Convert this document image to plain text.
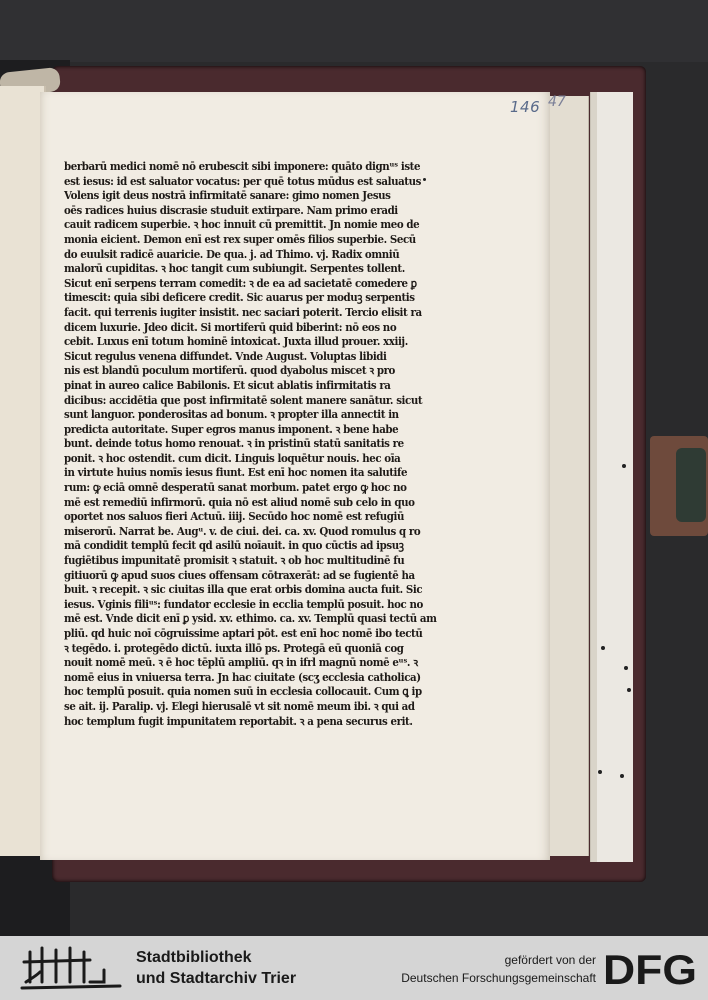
146 47
berbarū medici nomē nō erubescit sibi imponere: quāto dignᵘˢ iste
est iesus: id est saluator vocatus: per quē totus mūdus est saluatus
Volens igit deus nostrā infirmitatē sanare: gimo nomen Jesus
oēs radices huius discrasie studuit extirpare. Nam primo eradi
cauit radicem superbie. ꝛ hoc innuit cū premittit. Jn nomie meo de
monia eicient. Demon enī est rex super omēs filios superbie. Secū
do euulsit radicē auaricie. De qua. j. ad Thimo. vj. Radix omniū
malorū cupiditas. ꝛ hoc tangit cum subiungit. Serpentes tollent.
Sicut enī serpens terram comedit: ꝛ de ea ad sacietatē comedere ꝑ
timescit: quia sibi deficere credit. Sic auarus per moduꝫ serpentis
facit. qui terrenis iugiter insistit. nec saciari poterit. Tercio elisit ra
dicem luxurie. Jdeo dicit. Si mortiferū quid biberint: nō eos no
cebit. Luxus enī totum hominē intoxicat. Juxta illud prouer. xxiij.
Sicut regulus venena diffundet. Vnde August. Voluptas libidi
nis est blandū poculum mortiferū. quod dyabolus miscet ꝛ pro
pinat in aureo calice Babilonis. Et sicut ablatis infirmitatis ra
dicibus: accidētia que post infirmitatē solent manere sanātur. sicut
sunt languor. ponderositas ad bonum. ꝛ propter illa annectit in
predicta autoritate. Super egros manus imponent. ꝛ bene habe
bunt. deinde totus homo renouat. ꝛ in pristinū statū sanitatis re
ponit. ꝛ hoc ostendit. cum dicit. Linguis loquētur nouis. hec oīa
in virtute huius nomīs iesus fiunt. Est enī hoc nomen ita salutife
rum: ꝙ eciā omnē desperatū sanat morbum. patet ergo ꝙ hoc no
mē est remediū infirmorū. quia nō est aliud nomē sub celo in quo
oportet nos saluos fieri Actuū. iiij. Secūdo hoc nomē est refugiū
miserorū. Narrat be. Augᵘ. v. de ciui. dei. ca. xv. Quod romulus q ro
mā condidit templū fecit qd asilū noīauit. in quo cūctis ad ipsuꝫ
fugiētibus impunitatē promisit ꝛ statuit. ꝛ ob hoc multitudinē fu
gitiuorū ꝙ apud suos ciues offensam cōtraxerāt: ad se fugientē ha
buit. ꝛ recepit. ꝛ sic ciuitas illa que erat orbis domina aucta fuit. Sic
iesus. Vginis filiᵘˢ: fundator ecclesie in ecclia templū posuit. hoc no
mē est. Vnde dicit enī ꝑ ysid. xv. ethimo. ca. xv. Templū quasi tectū am
pliū. qd huic noī cōgruissime aptari pōt. est enī hoc nomē ibo tectū
ꝛ tegēdo. i. protegēdo dictū. iuxta illō ps. Protegā eū quoniā cog
nouit nomē meū. ꝛ ē hoc tēplū ampliū. qꝛ in ifrl magnū nomē eᵘˢ. ꝛ
nomē eius in vniuersa terra. Jn hac ciuitate (scʒ ecclesia catholica)
hoc templū posuit. quia nomen suū in ecclesia collocauit. Cum ꝗ ip
se ait. ij. Paralip. vj. Elegi hierusalē vt sit nomē meum ibi. ꝛ qui ad
hoc templum fugit impunitatem reportabit. ꝛ a pena securus erit.
Stadtbibliothek
und Stadtarchiv Trier
gefördert von der
Deutschen Forschungsgemeinschaft DFG
